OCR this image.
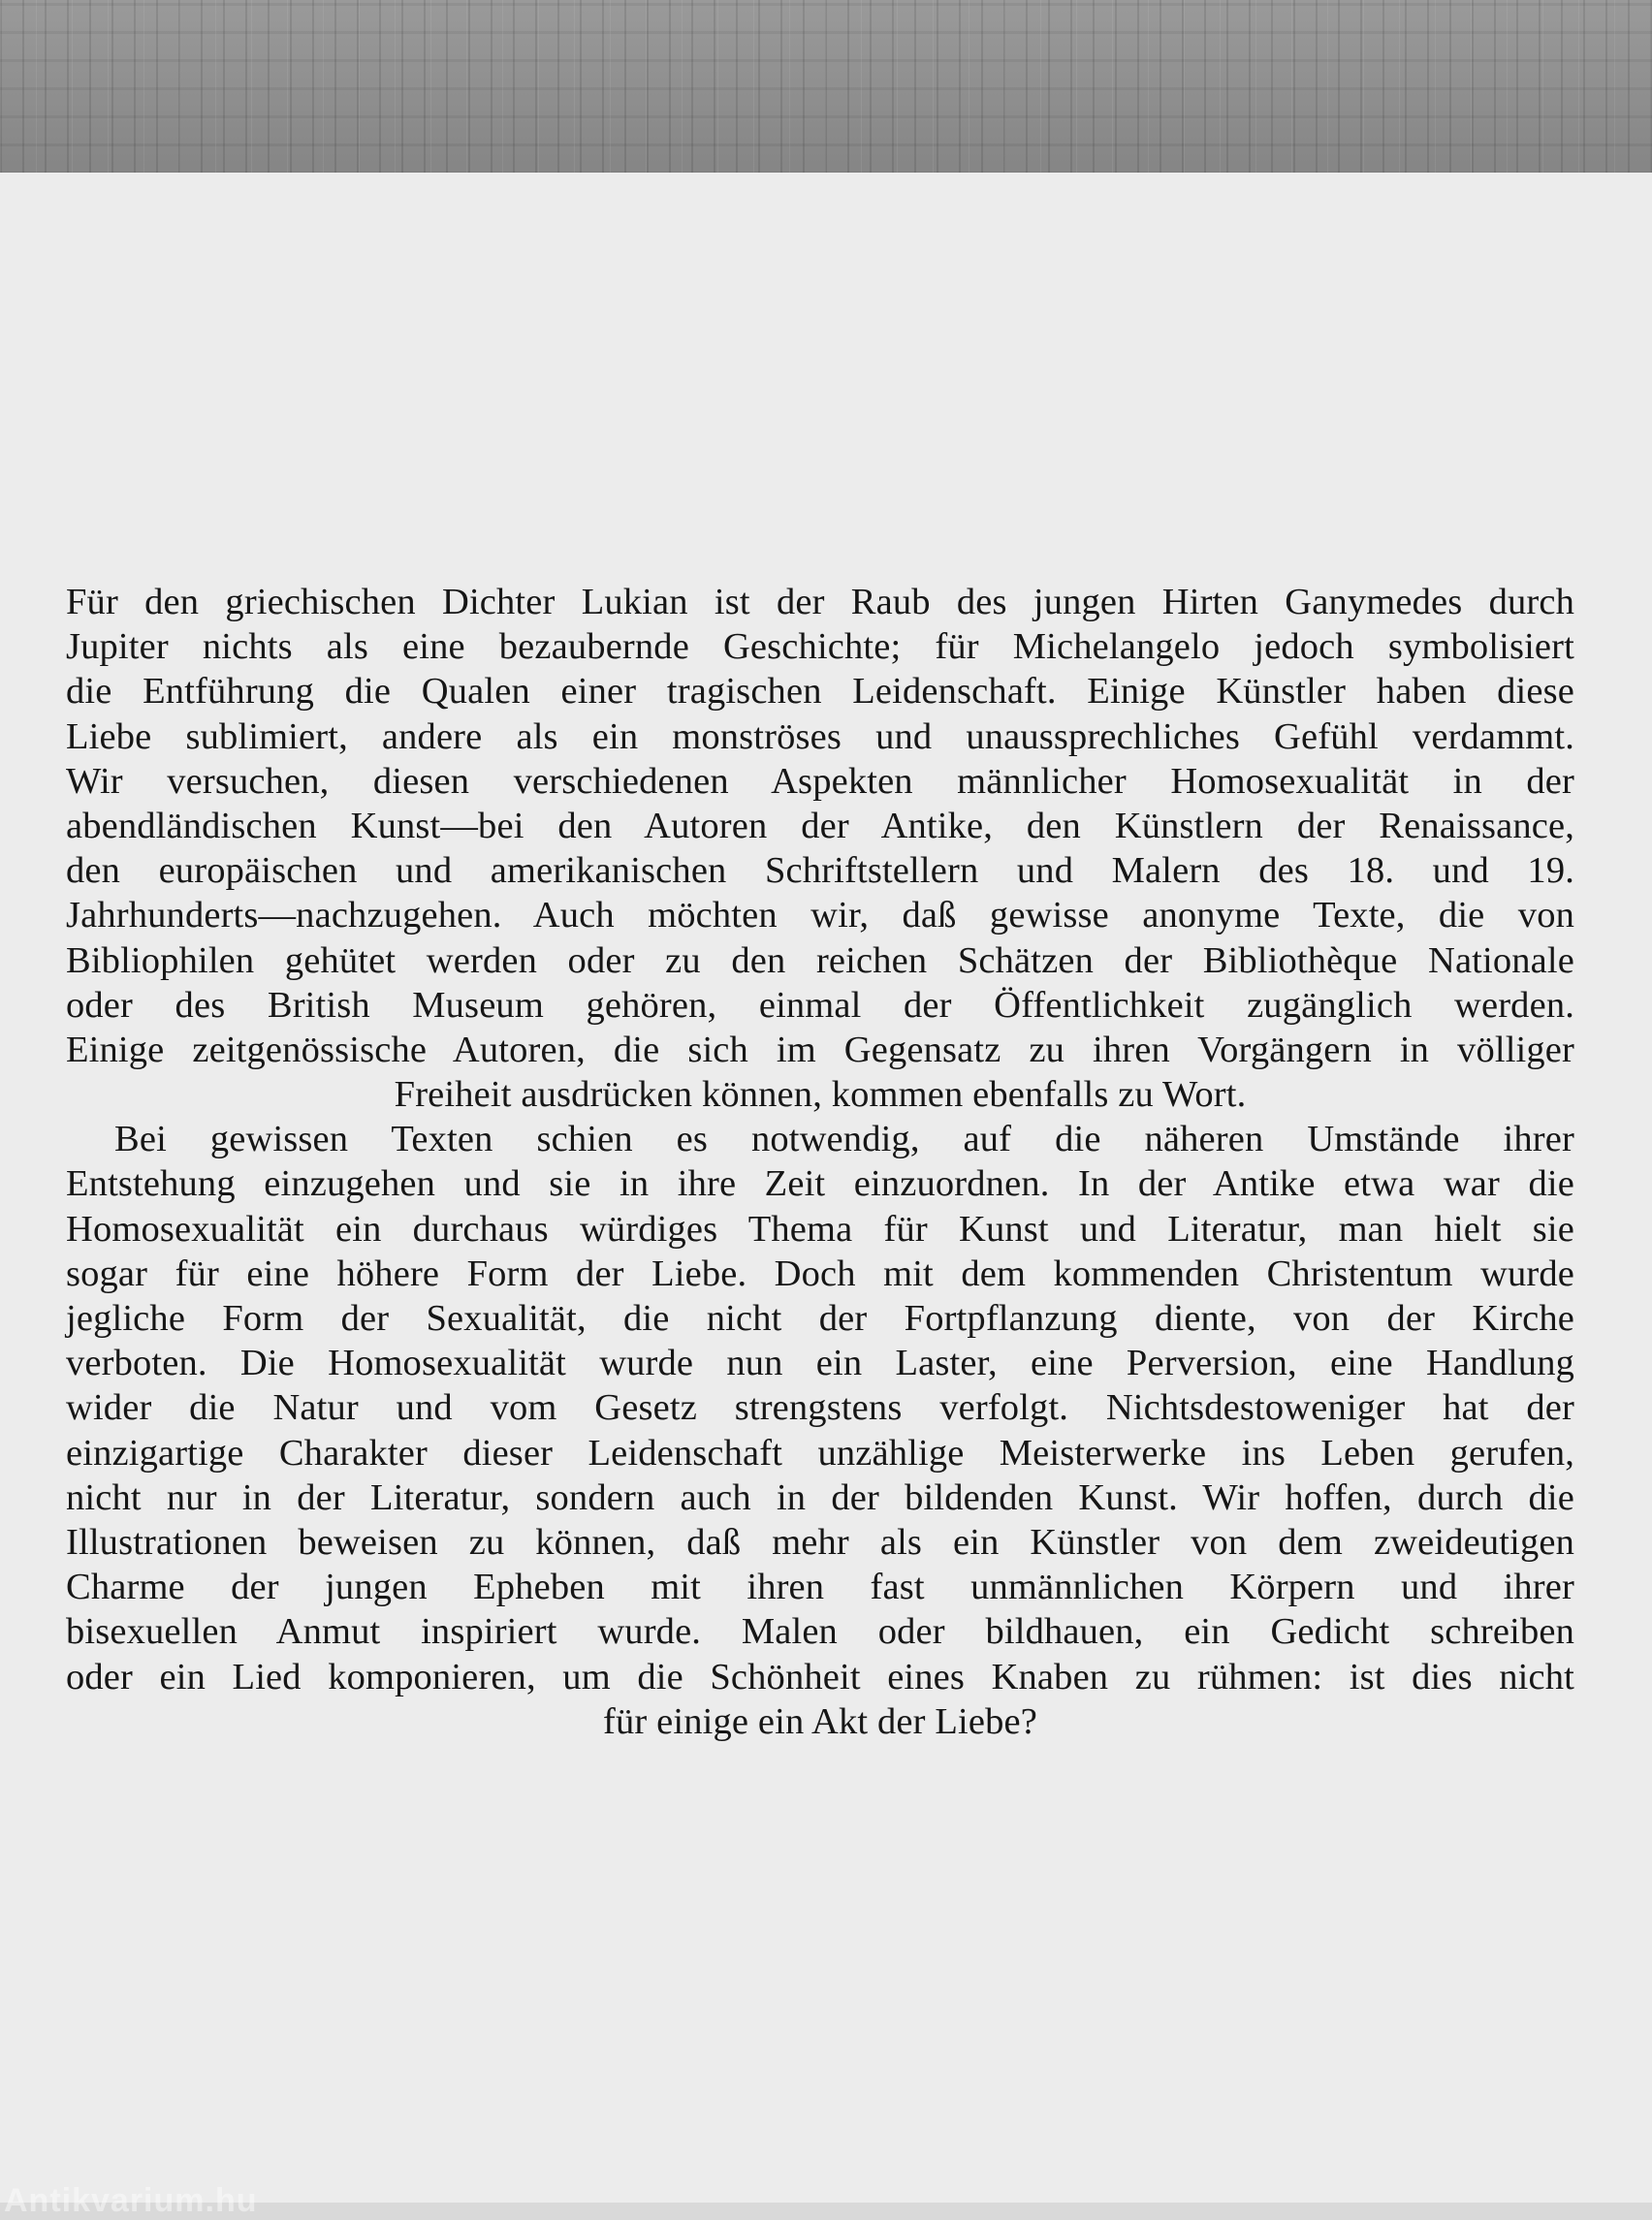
Für den griechischen Dichter Lukian ist der Raub des jungen Hirten Ganymedes durch
Jupiter nichts als eine bezaubernde Geschichte; für Michelangelo jedoch symbolisiert
die Entführung die Qualen einer tragischen Leidenschaft. Einige Künstler haben diese
Liebe sublimiert, andere als ein monströses und unaussprechliches Gefühl verdammt.
Wir versuchen, diesen verschiedenen Aspekten männlicher Homosexualität in der
abendländischen Kunst—bei den Autoren der Antike, den Künstlern der Renaissance,
den europäischen und amerikanischen Schriftstellern und Malern des 18. und 19.
Jahrhunderts—nachzugehen. Auch möchten wir, daß gewisse anonyme Texte, die von
Bibliophilen gehütet werden oder zu den reichen Schätzen der Bibliothèque Nationale
oder des British Museum gehören, einmal der Öffentlichkeit zugänglich werden.
Einige zeitgenössische Autoren, die sich im Gegensatz zu ihren Vorgängern in völliger
Freiheit ausdrücken können, kommen ebenfalls zu Wort.
Bei gewissen Texten schien es notwendig, auf die näheren Umstände ihrer
Entstehung einzugehen und sie in ihre Zeit einzuordnen. In der Antike etwa war die
Homosexualität ein durchaus würdiges Thema für Kunst und Literatur, man hielt sie
sogar für eine höhere Form der Liebe. Doch mit dem kommenden Christentum wurde
jegliche Form der Sexualität, die nicht der Fortpflanzung diente, von der Kirche
verboten. Die Homosexualität wurde nun ein Laster, eine Perversion, eine Handlung
wider die Natur und vom Gesetz strengstens verfolgt. Nichtsdestoweniger hat der
einzigartige Charakter dieser Leidenschaft unzählige Meisterwerke ins Leben gerufen,
nicht nur in der Literatur, sondern auch in der bildenden Kunst. Wir hoffen, durch die
Illustrationen beweisen zu können, daß mehr als ein Künstler von dem zweideutigen
Charme der jungen Epheben mit ihren fast unmännlichen Körpern und ihrer
bisexuellen Anmut inspiriert wurde. Malen oder bildhauen, ein Gedicht schreiben
oder ein Lied komponieren, um die Schönheit eines Knaben zu rühmen: ist dies nicht
für einige ein Akt der Liebe?
Antikvarium.hu
